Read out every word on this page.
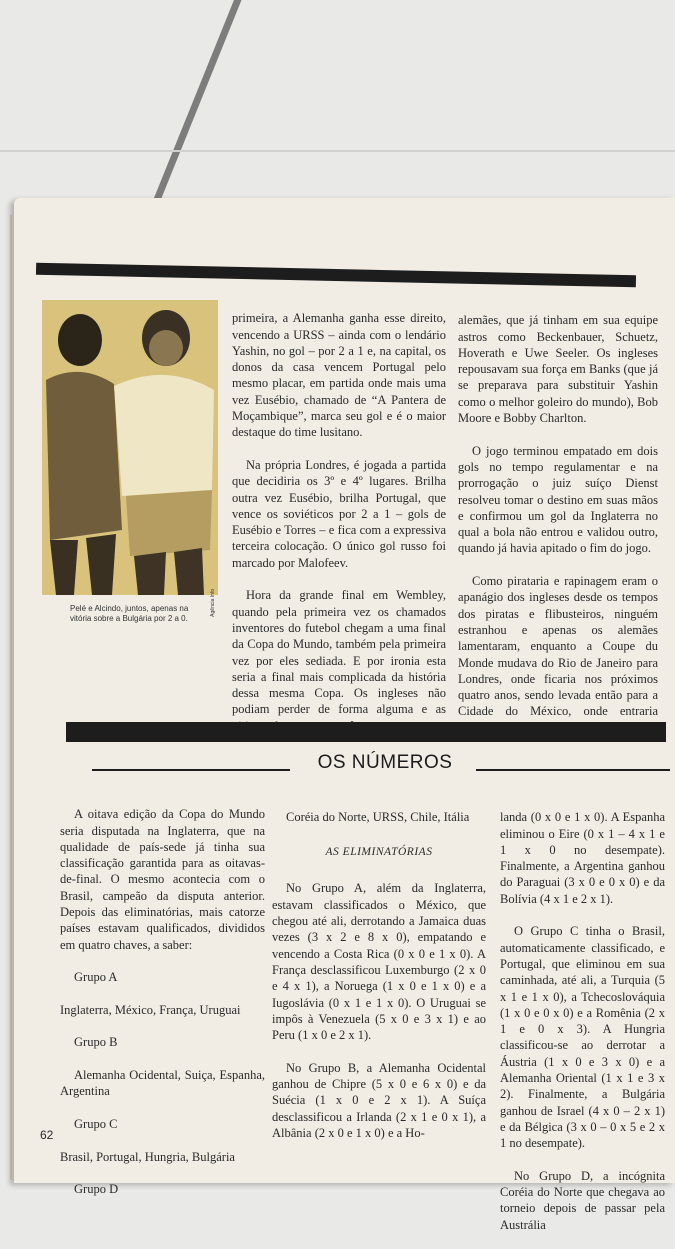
Agência Info
Pelé e Alcindo, juntos, apenas na vitória sobre a Bulgária por 2 a 0.

primeira, a Alemanha ganha esse direito, vencendo a URSS – ainda com o lendário Yashin, no gol – por 2 a 1 e, na capital, os donos da casa vencem Portugal pelo mesmo placar, em partida onde mais uma vez Eusébio, chamado de “A Pantera de Moçambique”, marca seu gol e é o maior destaque do time lusitano.

Na própria Londres, é jogada a partida que decidiria os 3º e 4º lugares. Brilha outra vez Eusébio, brilha Portugal, que vence os soviéticos por 2 a 1 – gols de Eusébio e Torres – e fica com a expressiva terceira colocação. O único gol russo foi marcado por Malofeev.

Hora da grande final em Wembley, quando pela primeira vez os chamados inventores do futebol chegam a uma final da Copa do Mundo, também pela primeira vez por eles sediada. E por ironia esta seria a final mais complicada da história dessa mesma Copa. Os ingleses não podiam perder de forma alguma e as

alemães, que já tinham em sua equipe astros como Beckenbauer, Schuetz, Hoverath e Uwe Seeler. Os ingleses repousavam sua força em Banks (que já se preparava para substituir Yashin como o melhor goleiro do mundo), Bob Moore e Bobby Charlton.

O jogo terminou empatado em dois gols no tempo regulamentar e na prorrogação o juiz suíço Dienst resolveu tomar o destino em suas mãos e confirmou um gol da Inglaterra no qual a bola não entrou e validou outro, quando já havia apitado o fim do jogo.

Como pirataria e rapinagem eram o apanágio dos ingleses desde os tempos dos piratas e flibusteiros, ninguém estranhou e apenas os alemães lamentaram, enquanto a Coupe du Monde mudava do Rio de Janeiro para Londres, onde ficaria nos próximos quatro anos, sendo levada então para a Cidade do México, onde entraria

OS NÚMEROS

A oitava edição da Copa do Mundo seria disputada na Inglaterra, que na qualidade de país-sede já tinha sua classificação garantida para as oitavas-de-final. O mesmo acontecia com o Brasil, campeão da disputa anterior. Depois das eliminatórias, mais catorze países estavam qualificados, divididos em quatro chaves, a saber:

Grupo A

Inglaterra, México, França, Uruguai

Grupo B

Alemanha Ocidental, Suiça, Espanha, Argentina

Grupo C

Brasil, Portugal, Hungria, Bulgária

Grupo D

Coréia do Norte, URSS, Chile, Itália

AS ELIMINATÓRIAS

No Grupo A, além da Inglaterra, estavam classificados o México, que chegou até ali, derrotando a Jamaica duas vezes (3 x 2 e 8 x 0), empatando e vencendo a Costa Rica (0 x 0 e 1 x 0). A França desclassificou Luxemburgo (2 x 0 e 4 x 1), a Noruega (1 x 0 e 1 x 0) e a Iugoslávia (0 x 1 e 1 x 0). O Uruguai se impôs à Venezuela (5 x 0 e 3 x 1) e ao Peru (1 x 0 e 2 x 1).

No Grupo B, a Alemanha Ocidental ganhou de Chipre (5 x 0 e 6 x 0) e da Suécia (1 x 0 e 2 x 1). A Suíça desclassificou a Irlanda (2 x 1 e 0 x 1), a Albânia (2 x 0 e 1 x 0) e a Ho-

landa (0 x 0 e 1 x 0). A Espanha eliminou o Eire (0 x 1 – 4 x 1 e 1 x 0 no desempate). Finalmente, a Argentina ganhou do Paraguai (3 x 0 e 0 x 0) e da Bolívia (4 x 1 e 2 x 1).

O Grupo C tinha o Brasil, automaticamente classificado, e Portugal, que eliminou em sua caminhada, até ali, a Turquia (5 x 1 e 1 x 0), a Tchecoslováquia (1 x 0 e 0 x 0) e a Romênia (2 x 1 e 0 x 3). A Hungria classificou-se ao derrotar a Áustria (1 x 0 e 3 x 0) e a Alemanha Oriental (1 x 1 e 3 x 2). Finalmente, a Bulgária ganhou de Israel (4 x 0 – 2 x 1) e da Bélgica (3 x 0 – 0 x 5 e 2 x 1 no desempate).

No Grupo D, a incógnita Coréia do Norte que chegava ao torneio depois de passar pela Austrália

62
